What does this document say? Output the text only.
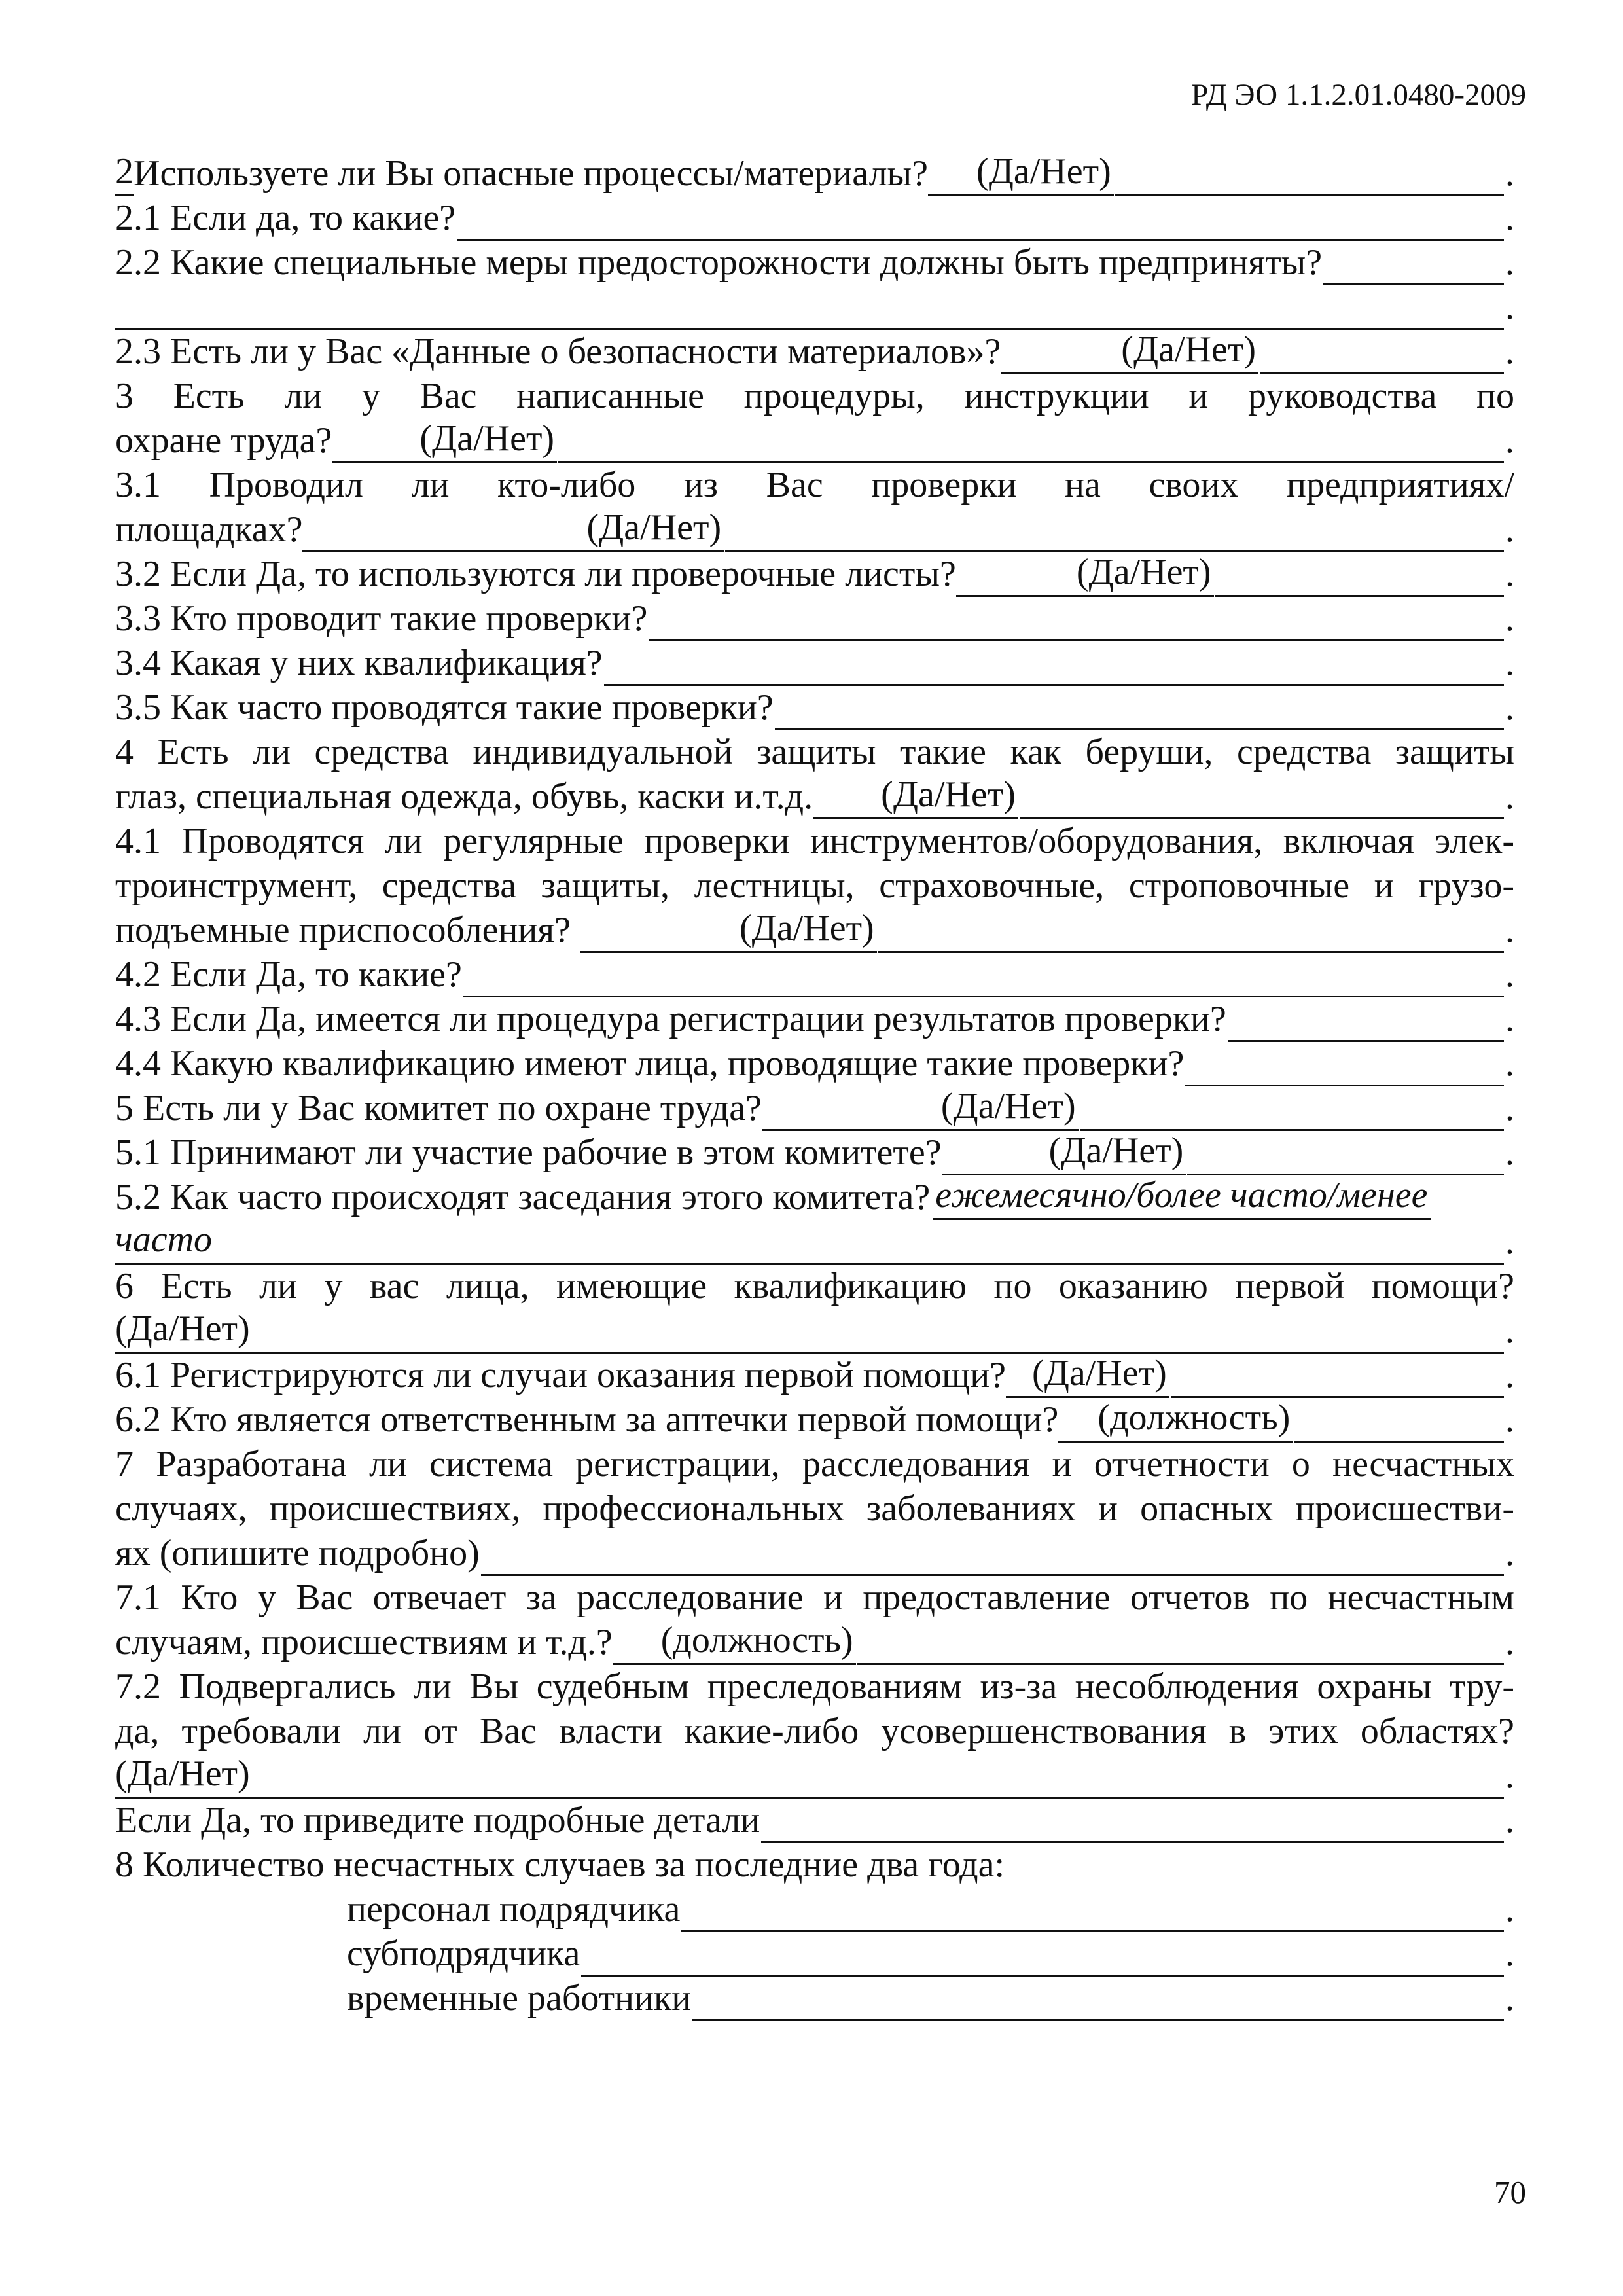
РД ЭО 1.1.2.01.0480-2009
2 Используете ли Вы опасные процессы/материалы? (Да/Нет)	.
2.1 Если да, то какие?	.
2.2 Какие специальные меры предосторожности должны быть предприняты?	.
.
2.3 Есть ли у Вас «Данные о безопасности материалов»?	(Да/Нет)	.
3 Есть ли у Вас написанные процедуры, инструкции и руководства по
охране труда? (Да/Нет)	.
3.1 Проводил ли кто-либо из Вас проверки на своих предприятиях/
площадках?	(Да/Нет)	.
3.2 Если Да, то используются ли проверочные листы?	(Да/Нет)	.
3.3 Кто проводит такие проверки?	.
3.4 Какая у них квалификация?	.
3.5 Как часто проводятся такие проверки?	.
4 Есть ли средства индивидуальной защиты такие как беруши, средства защиты
глаз, специальная одежда, обувь, каски и.т.д. (Да/Нет)	.
4.1 Проводятся ли регулярные проверки инструментов/оборудования, включая элек-
троинструмент, средства защиты, лестницы, страховочные, строповочные и грузо-
подъемные приспособления?	(Да/Нет)	.
4.2 Если Да, то какие?	.
4.3 Если Да, имеется ли процедура регистрации результатов проверки?	.
4.4 Какую квалификацию имеют лица, проводящие такие проверки?	.
5 Есть ли у Вас комитет по охране труда?	(Да/Нет)	.
5.1 Принимают ли участие рабочие в этом комитете?	(Да/Нет)	.
5.2 Как часто происходят заседания этого комитета? ежемесячно/более часто/менее
часто	.
6 Есть ли у вас лица, имеющие квалификацию по оказанию первой помощи?
(Да/Нет)	.
6.1 Регистрируются ли случаи оказания первой помощи? (Да/Нет)	.
6.2 Кто является ответственным за аптечки первой помощи? (должность)	.
7 Разработана ли система регистрации, расследования и отчетности о несчастных
случаях, происшествиях, профессиональных заболеваниях и опасных происшестви-
ях (опишите подробно)	.
7.1 Кто у Вас отвечает за расследование и предоставление отчетов по несчастным
случаям, происшествиям и т.д.? (должность)	.
7.2 Подвергались ли Вы судебным преследованиям из-за несоблюдения охраны тру-
да, требовали ли от Вас власти какие-либо усовершенствования в этих областях?
(Да/Нет)	.
Если Да, то приведите подробные детали	.
8 Количество несчастных случаев за последние два года:
персонал подрядчика	.
субподрядчика	.
временные работники	.
70
